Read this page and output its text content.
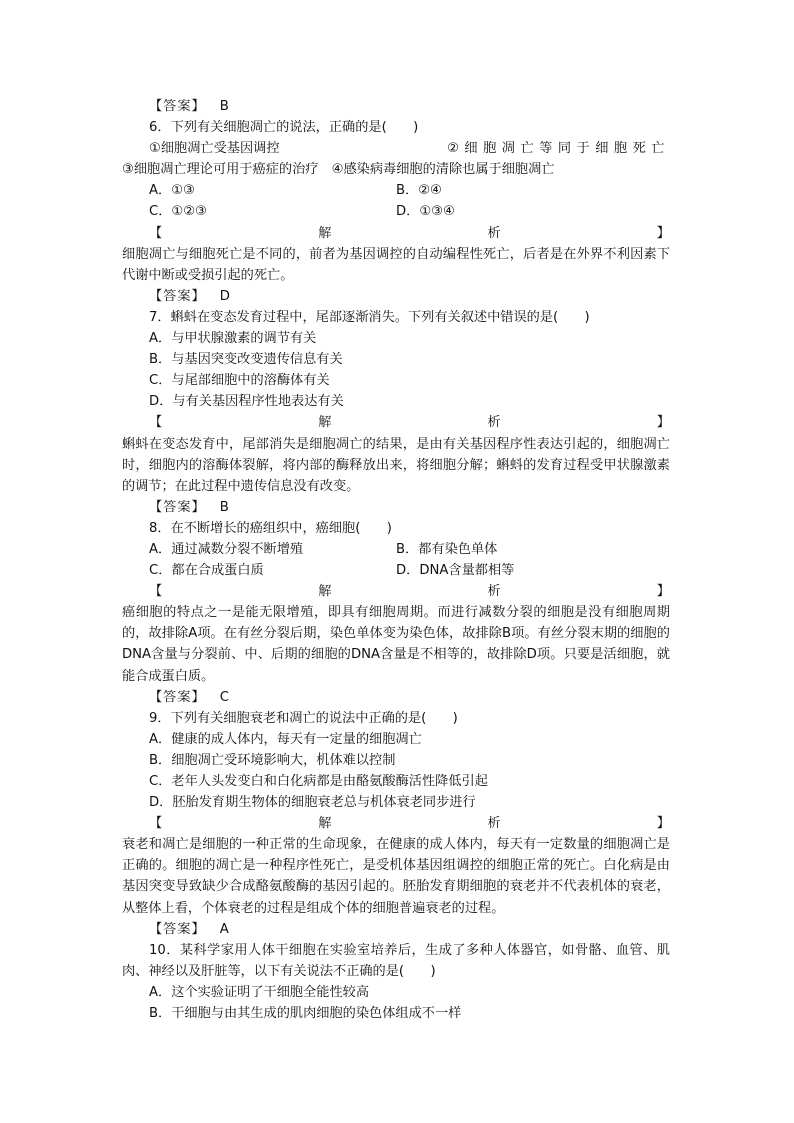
【答案】 B
6．下列有关细胞凋亡的说法，正确的是(　　)
①细胞凋亡受基因调控	②细胞凋亡等同于细胞死亡
③细胞凋亡理论可用于癌症的治疗　④感染病毒细胞的清除也属于细胞凋亡
A．①③	B．②④
C．①②③	D．①③④
【	解	析	】
细胞凋亡与细胞死亡是不同的，前者为基因调控的自动编程性死亡，后者是在外界不利因素下代谢中断或受损引起的死亡。
【答案】 D
7．蝌蚪在变态发育过程中，尾部逐渐消失。下列有关叙述中错误的是(　　)
A．与甲状腺激素的调节有关
B．与基因突变改变遗传信息有关
C．与尾部细胞中的溶酶体有关
D．与有关基因程序性地表达有关
【	解	析	】
蝌蚪在变态发育中，尾部消失是细胞凋亡的结果，是由有关基因程序性表达引起的，细胞凋亡时，细胞内的溶酶体裂解，将内部的酶释放出来，将细胞分解；蝌蚪的发育过程受甲状腺激素的调节；在此过程中遗传信息没有改变。
【答案】 B
8．在不断增长的癌组织中，癌细胞(　　)
A．通过减数分裂不断增殖	B．都有染色单体
C．都在合成蛋白质	D．DNA含量都相等
【	解	析	】
癌细胞的特点之一是能无限增殖，即具有细胞周期。而进行减数分裂的细胞是没有细胞周期的，故排除A项。在有丝分裂后期，染色单体变为染色体，故排除B项。有丝分裂末期的细胞的DNA含量与分裂前、中、后期的细胞的DNA含量是不相等的，故排除D项。只要是活细胞，就能合成蛋白质。
【答案】 C
9．下列有关细胞衰老和凋亡的说法中正确的是(　　)
A．健康的成人体内，每天有一定量的细胞凋亡
B．细胞凋亡受环境影响大，机体难以控制
C．老年人头发变白和白化病都是由酪氨酸酶活性降低引起
D．胚胎发育期生物体的细胞衰老总与机体衰老同步进行
【	解	析	】
衰老和凋亡是细胞的一种正常的生命现象，在健康的成人体内，每天有一定数量的细胞凋亡是正确的。细胞的凋亡是一种程序性死亡，是受机体基因组调控的细胞正常的死亡。白化病是由基因突变导致缺少合成酪氨酸酶的基因引起的。胚胎发育期细胞的衰老并不代表机体的衰老，从整体上看，个体衰老的过程是组成个体的细胞普遍衰老的过程。
【答案】 A
10．某科学家用人体干细胞在实验室培养后，生成了多种人体器官，如骨骼、血管、肌肉、神经以及肝脏等，以下有关说法不正确的是(　　)
A．这个实验证明了干细胞全能性较高
B．干细胞与由其生成的肌肉细胞的染色体组成不一样
